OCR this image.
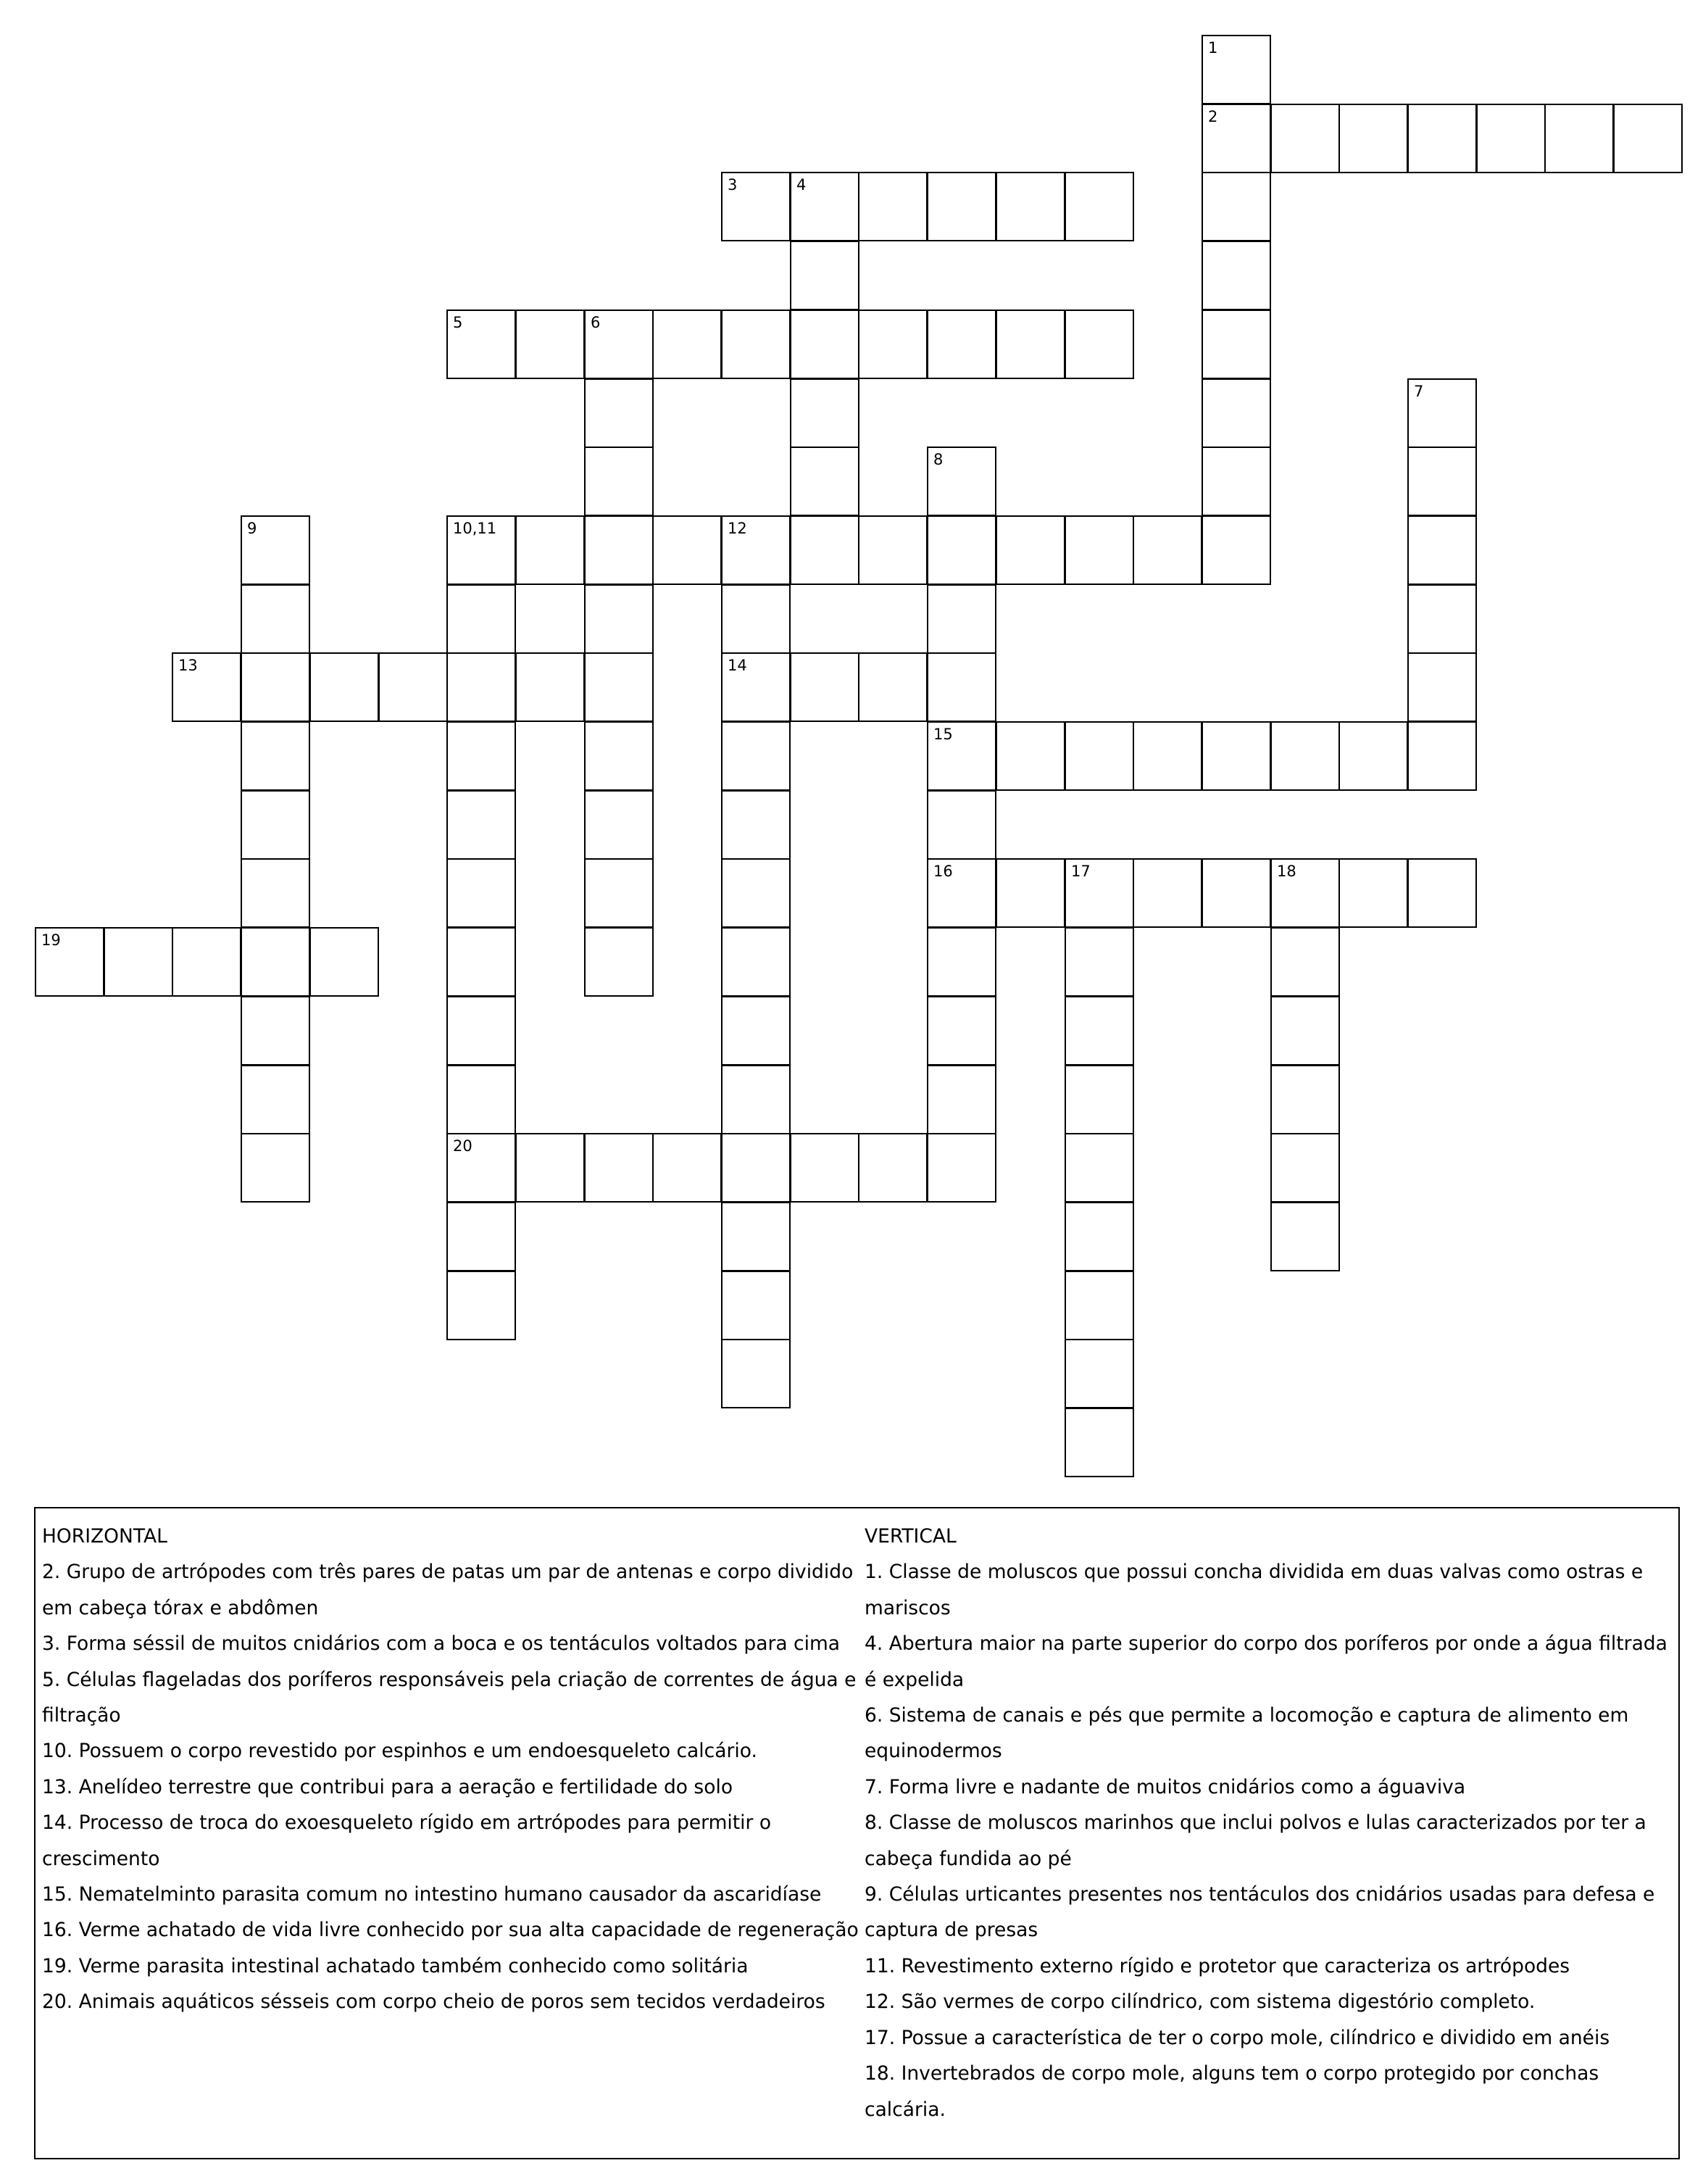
2
3	4
5	6
10,11	12
13	14
15
16	17	18
19
20
1
7
8
9
HORIZONTAL
2. Grupo de artrópodes com três pares de patas um par de antenas e corpo dividido em cabeça tórax e abdômen
3. Forma séssil de muitos cnidários com a boca e os tentáculos voltados para cima
5. Células flageladas dos poríferos responsáveis pela criação de correntes de água e filtração
10. Possuem o corpo revestido por espinhos e um endoesqueleto calcário.
13. Anelídeo terrestre que contribui para a aeração e fertilidade do solo
14. Processo de troca do exoesqueleto rígido em artrópodes para permitir o crescimento
15. Nematelminto parasita comum no intestino humano causador da ascaridíase
16. Verme achatado de vida livre conhecido por sua alta capacidade de regeneração
19. Verme parasita intestinal achatado também conhecido como solitária
20. Animais aquáticos sésseis com corpo cheio de poros sem tecidos verdadeiros
VERTICAL
1. Classe de moluscos que possui concha dividida em duas valvas como ostras e mariscos
4. Abertura maior na parte superior do corpo dos poríferos por onde a água filtrada é expelida
6. Sistema de canais e pés que permite a locomoção e captura de alimento em equinodermos
7. Forma livre e nadante de muitos cnidários como a águaviva
8. Classe de moluscos marinhos que inclui polvos e lulas caracterizados por ter a cabeça fundida ao pé
9. Células urticantes presentes nos tentáculos dos cnidários usadas para defesa e captura de presas
11. Revestimento externo rígido e protetor que caracteriza os artrópodes
12. São vermes de corpo cilíndrico, com sistema digestório completo.
17. Possue a característica de ter o corpo mole, cilíndrico e dividido em anéis
18. Invertebrados de corpo mole, alguns tem o corpo protegido por conchas calcária.
